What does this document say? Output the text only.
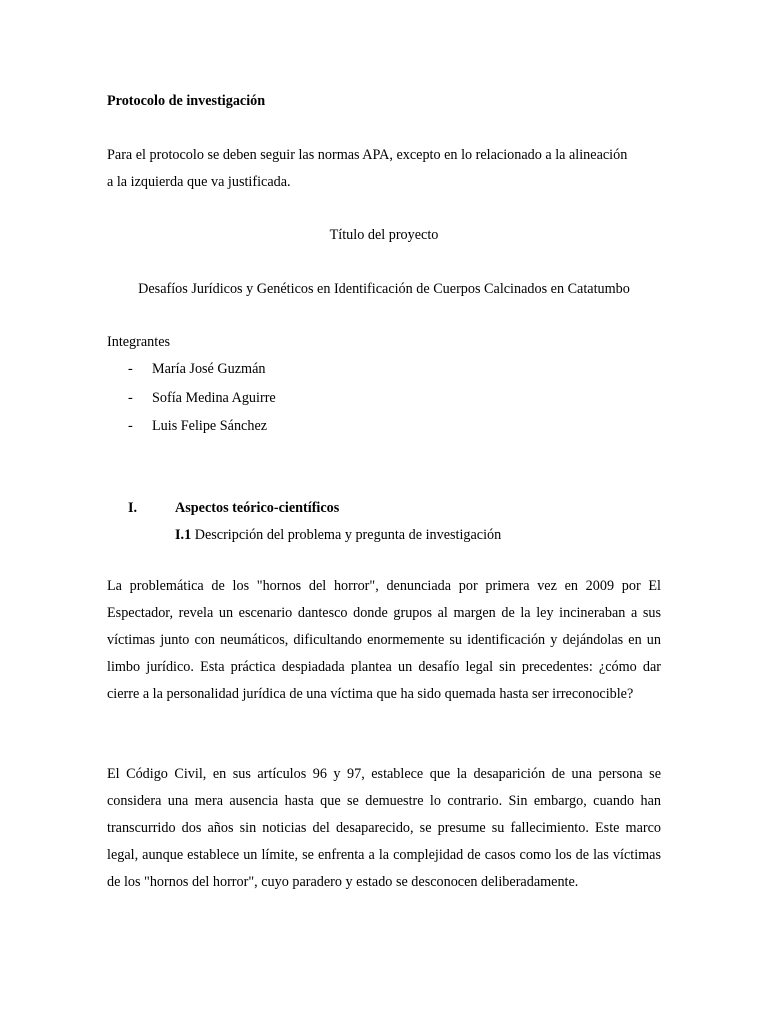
Protocolo de investigación
Para el protocolo se deben seguir las normas APA, excepto en lo relacionado a la alineación
a la izquierda que va justificada.
Título del proyecto
Desafíos Jurídicos y Genéticos en Identificación de Cuerpos Calcinados en Catatumbo
Integrantes
- María José Guzmán
- Sofía Medina Aguirre
- Luis Felipe Sánchez
I.	Aspectos teórico-científicos
I.1 Descripción del problema y pregunta de investigación

La problemática de los "hornos del horror", denunciada por primera vez en 2009 por El Espectador, revela un escenario dantesco donde grupos al margen de la ley incineraban a sus víctimas junto con neumáticos, dificultando enormemente su identificación y dejándolas en un limbo jurídico. Esta práctica despiadada plantea un desafío legal sin precedentes: ¿cómo dar cierre a la personalidad jurídica de una víctima que ha sido quemada hasta ser irreconocible?

El Código Civil, en sus artículos 96 y 97, establece que la desaparición de una persona se considera una mera ausencia hasta que se demuestre lo contrario. Sin embargo, cuando han transcurrido dos años sin noticias del desaparecido, se presume su fallecimiento. Este marco legal, aunque establece un límite, se enfrenta a la complejidad de casos como los de las víctimas de los "hornos del horror", cuyo paradero y estado se desconocen deliberadamente.
